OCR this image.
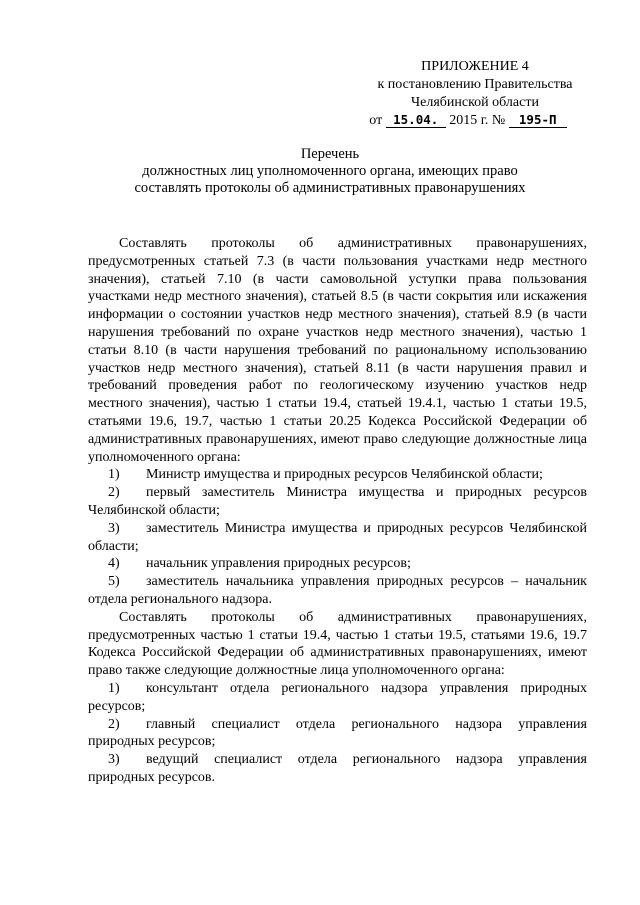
ПРИЛОЖЕНИЕ 4
к постановлению Правительства
Челябинской области
от 15.04. 2015 г. № 195-П
Перечень
должностных лиц уполномоченного органа, имеющих право
составлять протоколы об административных правонарушениях

Составлять протоколы об административных правонарушениях, предусмотренных статьей 7.3 (в части пользования участками недр местного значения), статьей 7.10 (в части самовольной уступки права пользования участками недр местного значения), статьей 8.5 (в части сокрытия или искажения информации о состоянии участков недр местного значения), статьей 8.9 (в части нарушения требований по охране участков недр местного значения), частью 1 статьи 8.10 (в части нарушения требований по рациональному использованию участков недр местного значения), статьей 8.11 (в части нарушения правил и требований проведения работ по геологическому изучению участков недр местного значения), частью 1 статьи 19.4, статьей 19.4.1, частью 1 статьи 19.5, статьями 19.6, 19.7, частью 1 статьи 20.25 Кодекса Российской Федерации об административных правонарушениях, имеют право следующие должностные лица уполномоченного органа:

1) Министр имущества и природных ресурсов Челябинской области;

2) первый заместитель Министра имущества и природных ресурсов Челябинской области;

3) заместитель Министра имущества и природных ресурсов Челябинской области;

4) начальник управления природных ресурсов;

5) заместитель начальника управления природных ресурсов – начальник отдела регионального надзора.

Составлять протоколы об административных правонарушениях, предусмотренных частью 1 статьи 19.4, частью 1 статьи 19.5, статьями 19.6, 19.7 Кодекса Российской Федерации об административных правонарушениях, имеют право также следующие должностные лица уполномоченного органа:

1) консультант отдела регионального надзора управления природных ресурсов;

2) главный специалист отдела регионального надзора управления природных ресурсов;

3) ведущий специалист отдела регионального надзора управления природных ресурсов.
